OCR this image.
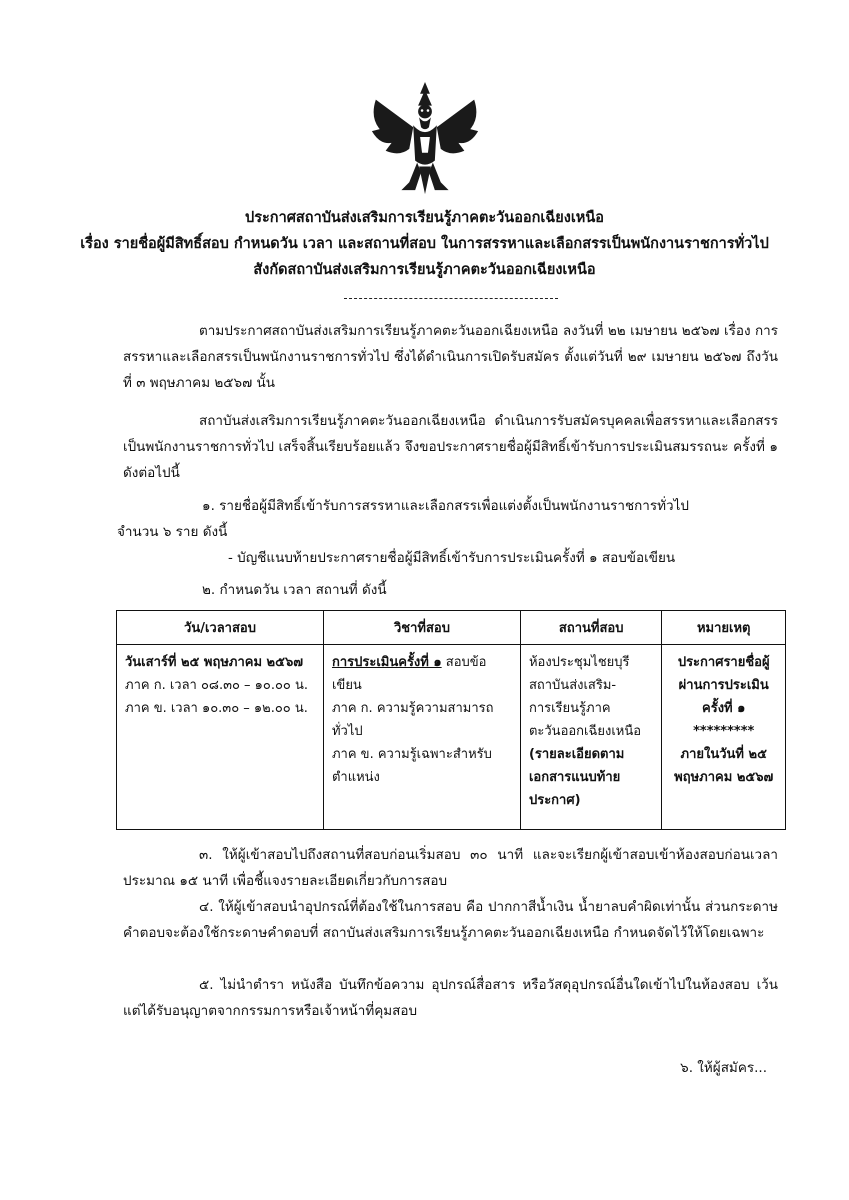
ประกาศสถาบันส่งเสริมการเรียนรู้ภาคตะวันออกเฉียงเหนือ
เรื่อง รายชื่อผู้มีสิทธิ์สอบ กำหนดวัน เวลา และสถานที่สอบ ในการสรรหาและเลือกสรรเป็นพนักงานราชการทั่วไป
สังกัดสถาบันส่งเสริมการเรียนรู้ภาคตะวันออกเฉียงเหนือ

ตามประกาศสถาบันส่งเสริมการเรียนรู้ภาคตะวันออกเฉียงเหนือ ลงวันที่ ๒๒ เมษายน ๒๕๖๗ เรื่อง การสรรหาและเลือกสรรเป็นพนักงานราชการทั่วไป ซึ่งได้ดำเนินการเปิดรับสมัคร ตั้งแต่วันที่ ๒๙ เมษายน ๒๕๖๗ ถึงวันที่ ๓ พฤษภาคม ๒๕๖๗ นั้น

สถาบันส่งเสริมการเรียนรู้ภาคตะวันออกเฉียงเหนือ ดำเนินการรับสมัครบุคคลเพื่อสรรหาและเลือกสรรเป็นพนักงานราชการทั่วไป เสร็จสิ้นเรียบร้อยแล้ว จึงขอประกาศรายชื่อผู้มีสิทธิ์เข้ารับการประเมินสมรรถนะ ครั้งที่ ๑ ดังต่อไปนี้

๑. รายชื่อผู้มีสิทธิ์เข้ารับการสรรหาและเลือกสรรเพื่อแต่งตั้งเป็นพนักงานราชการทั่วไป
จำนวน ๖ ราย ดังนี้
- บัญชีแนบท้ายประกาศรายชื่อผู้มีสิทธิ์เข้ารับการประเมินครั้งที่ ๑ สอบข้อเขียน
๒. กำหนดวัน เวลา สถานที่ ดังนี้
วัน/เวลาสอบ	วิชาที่สอบ	สถานที่สอบ	หมายเหตุ

วันเสาร์ที่ ๒๕ พฤษภาคม ๒๕๖๗
ภาค ก. เวลา ๐๘.๓๐ – ๑๐.๐๐ น.
ภาค ข. เวลา ๑๐.๓๐ – ๑๒.๐๐ น.	การประเมินครั้งที่ ๑ สอบข้อเขียน
ภาค ก. ความรู้ความสามารถทั่วไป
ภาค ข. ความรู้เฉพาะสำหรับตำแหน่ง	ห้องประชุมไชยบุรี
สถาบันส่งเสริม-
การเรียนรู้ภาค
ตะวันออกเฉียงเหนือ
(รายละเอียดตามเอกสารแนบท้ายประกาศ)	ประกาศรายชื่อผู้ผ่านการประเมินครั้งที่ ๑
*********
ภายในวันที่ ๒๕ พฤษภาคม ๒๕๖๗

๓. ให้ผู้เข้าสอบไปถึงสถานที่สอบก่อนเริ่มสอบ ๓๐ นาที และจะเรียกผู้เข้าสอบเข้าห้องสอบก่อนเวลาประมาณ ๑๕ นาที เพื่อชี้แจงรายละเอียดเกี่ยวกับการสอบ

๔. ให้ผู้เข้าสอบนำอุปกรณ์ที่ต้องใช้ในการสอบ คือ ปากกาสีน้ำเงิน น้ำยาลบคำผิดเท่านั้น ส่วนกระดาษคำตอบจะต้องใช้กระดาษคำตอบที่ สถาบันส่งเสริมการเรียนรู้ภาคตะวันออกเฉียงเหนือ กำหนดจัดไว้ให้โดยเฉพาะ

๕. ไม่นำตำรา หนังสือ บันทึกข้อความ อุปกรณ์สื่อสาร หรือวัสดุอุปกรณ์อื่นใดเข้าไปในห้องสอบ เว้นแต่ได้รับอนุญาตจากกรรมการหรือเจ้าหน้าที่คุมสอบ

๖. ให้ผู้สมัคร...
